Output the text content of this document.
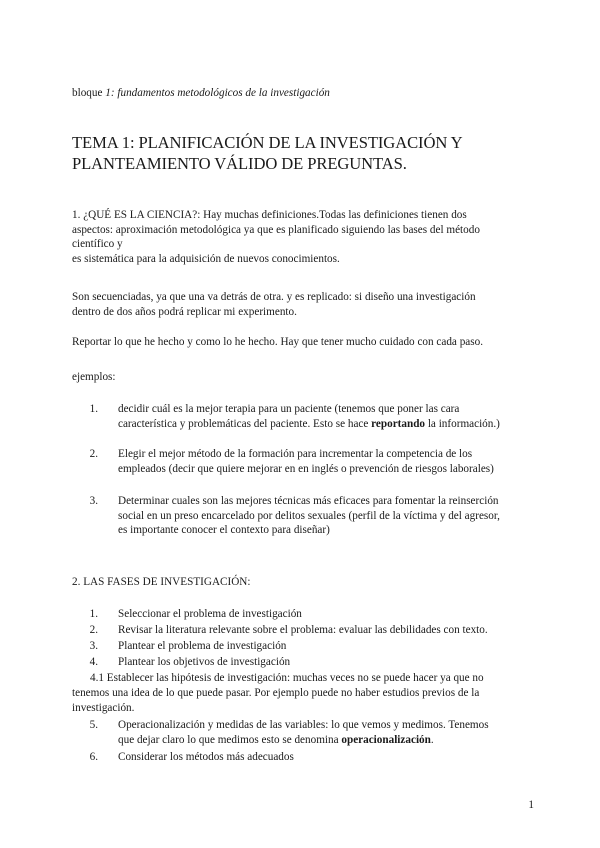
bloque 1: fundamentos metodológicos de la investigación
TEMA 1: PLANIFICACIÓN DE LA INVESTIGACIÓN Y
PLANTEAMIENTO VÁLIDO DE PREGUNTAS.
1. ¿QUÉ ES LA CIENCIA?: Hay muchas definiciones.Todas las definiciones tienen dos
aspectos: aproximación metodológica ya que es planificado siguiendo las bases del método
científico y
es sistemática para la adquisición de nuevos conocimientos.
Son secuenciadas, ya que una va detrás de otra. y es replicado: si diseño una investigación
dentro de dos años podrá replicar mi experimento.
Reportar lo que he hecho y como lo he hecho. Hay que tener mucho cuidado con cada paso.
ejemplos:
1. decidir cuál es la mejor terapia para un paciente (tenemos que poner las cara
característica y problemáticas del paciente. Esto se hace reportando la información.)
2. Elegir el mejor método de la formación para incrementar la competencia de los
empleados (decir que quiere mejorar en en inglés o prevención de riesgos laborales)
3. Determinar cuales son las mejores técnicas más eficaces para fomentar la reinserción
social en un preso encarcelado por delitos sexuales (perfil de la víctima y del agresor,
es importante conocer el contexto para diseñar)
2. LAS FASES DE INVESTIGACIÓN:
1. Seleccionar el problema de investigación
2. Revisar la literatura relevante sobre el problema: evaluar las debilidades con texto.
3. Plantear el problema de investigación
4. Plantear los objetivos de investigación
4.1 Establecer las hipótesis de investigación: muchas veces no se puede hacer ya que no
tenemos una idea de lo que puede pasar. Por ejemplo puede no haber estudios previos de la
investigación.
5. Operacionalización y medidas de las variables: lo que vemos y medimos. Tenemos
que dejar claro lo que medimos esto se denomina operacionalización.
6. Considerar los métodos más adecuados
1
